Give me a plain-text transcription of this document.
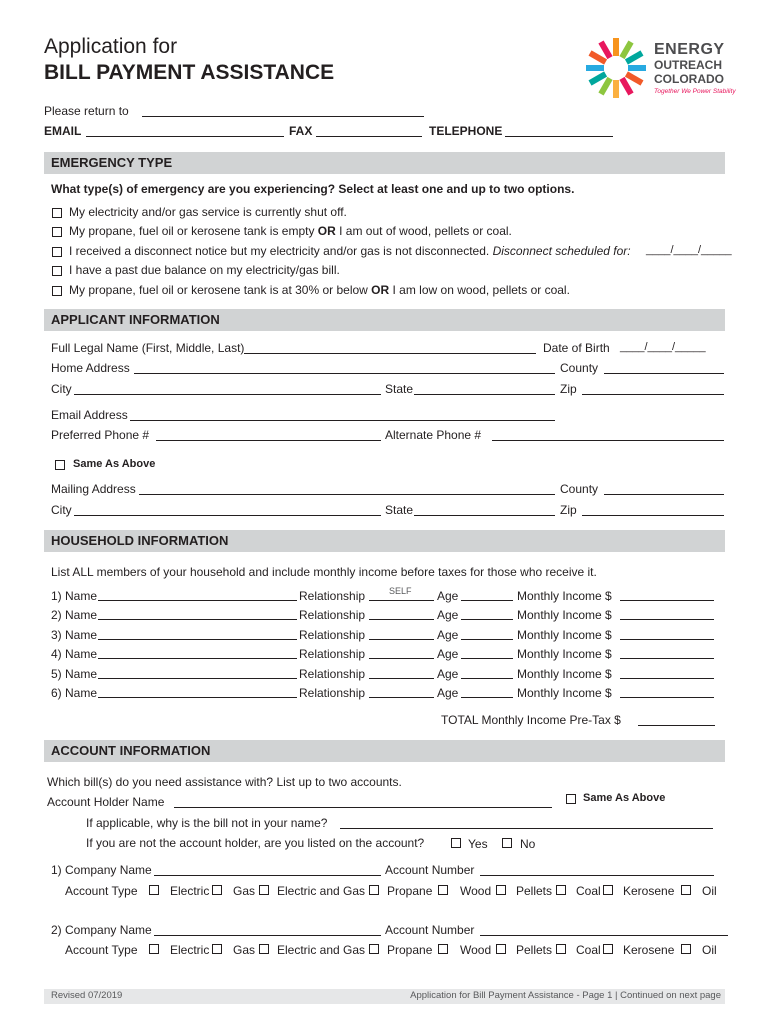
Application for
BILL PAYMENT ASSISTANCE
ENERGY
OUTREACH
COLORADO
Together We Power Stability
Please return to
EMAIL	FAX	TELEPHONE
EMERGENCY TYPE
What type(s) of emergency are you experiencing? Select at least one and up to two options.
My electricity and/or gas service is currently shut off.
My propane, fuel oil or kerosene tank is empty OR I am out of wood, pellets or coal.
I received a disconnect notice but my electricity and/or gas is not disconnected. Disconnect scheduled for: ____/____/_____
I have a past due balance on my electricity/gas bill.
My propane, fuel oil or kerosene tank is at 30% or below OR I am low on wood, pellets or coal.
APPLICANT INFORMATION
Full Legal Name (First, Middle, Last)	Date of Birth ____/____/_____
Home Address	County
City	State	Zip
Email Address
Preferred Phone #	Alternate Phone #
Same As Above
Mailing Address	County
City	State	Zip
HOUSEHOLD INFORMATION
List ALL members of your household and include monthly income before taxes for those who receive it.
1) Name	Relationship	SELF Age	Monthly Income $
2) Name	Relationship	Age	Monthly Income $
3) Name	Relationship	Age	Monthly Income $
4) Name	Relationship	Age	Monthly Income $
5) Name	Relationship	Age	Monthly Income $
6) Name	Relationship	Age	Monthly Income $
TOTAL Monthly Income Pre-Tax $
ACCOUNT INFORMATION
Which bill(s) do you need assistance with? List up to two accounts.
Account Holder Name	Same As Above
If applicable, why is the bill not in your name?
If you are not the account holder, are you listed on the account?	Yes	No
1) Company Name	Account Number
Account Type	Electric Gas Electric and Gas Propane Wood Pellets Coal Kerosene Oil
2) Company Name	Account Number
Account Type	Electric Gas Electric and Gas Propane Wood Pellets Coal Kerosene Oil
Revised 07/2019	Application for Bill Payment Assistance - Page 1 | Continued on next page
